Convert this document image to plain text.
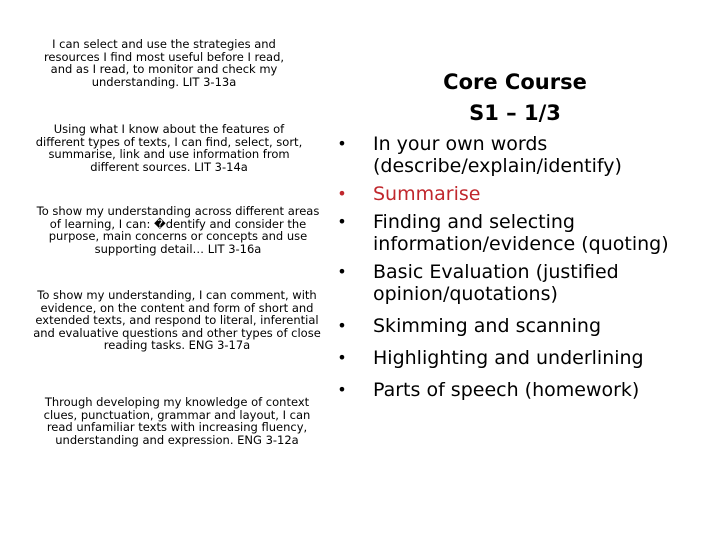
I can select and use the strategies and resources I find most useful before I read, and as I read, to monitor and check my understanding. LIT 3-13a
Using what I know about the features of different types of texts, I can find, select, sort, summarise, link and use information from different sources. LIT 3-14a
To show my understanding across different areas of learning, I can: �dentify and consider the purpose, main concerns or concepts and use supporting detail… LIT 3-16a
To show my understanding, I can comment, with evidence, on the content and form of short and extended texts, and respond to literal, inferential and evaluative questions and other types of close reading tasks. ENG 3-17a
Through developing my knowledge of context clues, punctuation, grammar and layout, I can read unfamiliar texts with increasing fluency, understanding and expression. ENG 3-12a
Core Course
S1 – 1/3
• In your own words (describe/explain/identify)
• Summarise
• Finding and selecting information/evidence (quoting)
• Basic Evaluation (justified opinion/quotations)
• Skimming and scanning
• Highlighting and underlining
• Parts of speech (homework)
